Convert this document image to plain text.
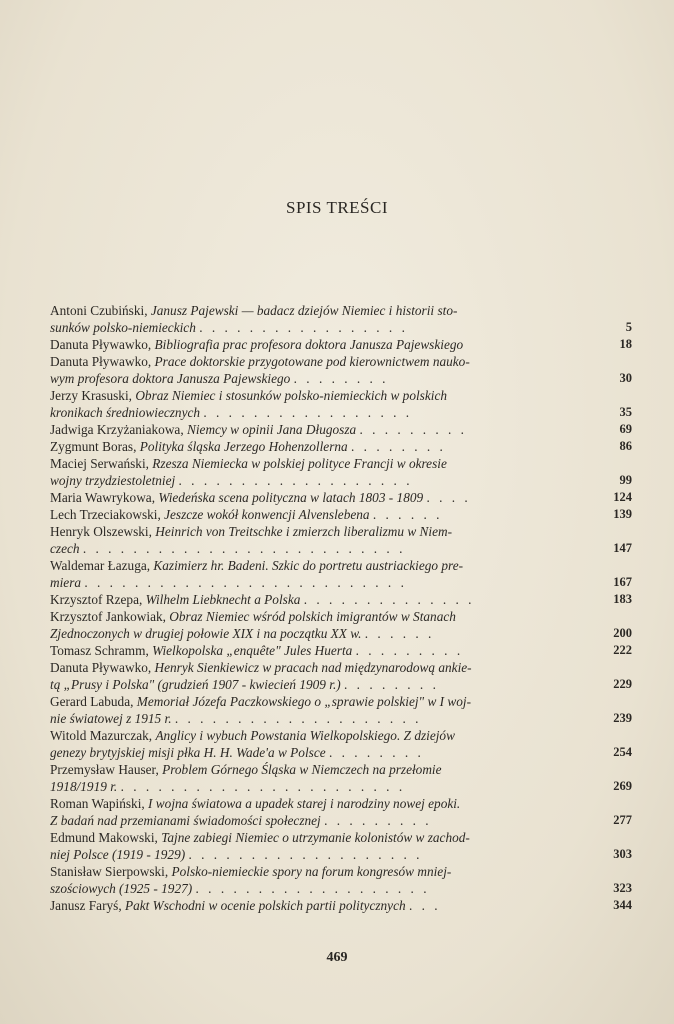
SPIS TREŚCI
Antoni Czubiński, Janusz Pajewski — badacz dziejów Niemiec i historii sto-
sunków polsko-niemieckich . . . . . . . . . . . . . . . . .	5
Danuta Pływawko, Bibliografia prac profesora doktora Janusza Pajewskiego	18
Danuta Pływawko, Prace doktorskie przygotowane pod kierownictwem nauko-
wym profesora doktora Janusza Pajewskiego . . . . . . . .	30
Jerzy Krasuski, Obraz Niemiec i stosunków polsko-niemieckich w polskich
kronikach średniowiecznych . . . . . . . . . . . . . . . . .	35
Jadwiga Krzyżaniakowa, Niemcy w opinii Jana Długosza . . . . . . . . .	69
Zygmunt Boras, Polityka śląska Jerzego Hohenzollerna . . . . . . . .	86
Maciej Serwański, Rzesza Niemiecka w polskiej polityce Francji w okresie
wojny trzydziestoletniej . . . . . . . . . . . . . . . . . . .	99
Maria Wawrykowa, Wiedeńska scena polityczna w latach 1803 - 1809 . . . .	124
Lech Trzeciakowski, Jeszcze wokół konwencji Alvenslebena . . . . . .	139
Henryk Olszewski, Heinrich von Treitschke i zmierzch liberalizmu w Niem-
czech . . . . . . . . . . . . . . . . . . . . . . . . . .	147
Waldemar Łazuga, Kazimierz hr. Badeni. Szkic do portretu austriackiego pre-
miera . . . . . . . . . . . . . . . . . . . . . . . . . .	167
Krzysztof Rzepa, Wilhelm Liebknecht a Polska . . . . . . . . . . . . . .	183
Krzysztof Jankowiak, Obraz Niemiec wśród polskich imigrantów w Stanach
Zjednoczonych w drugiej połowie XIX i na początku XX w. . . . . . .	200
Tomasz Schramm, Wielkopolska „enquête" Jules Huerta . . . . . . . . .	222
Danuta Pływawko, Henryk Sienkiewicz w pracach nad międzynarodową ankie-
tą „Prusy i Polska" (grudzień 1907 - kwiecień 1909 r.) . . . . . . . .	229
Gerard Labuda, Memoriał Józefa Paczkowskiego o „sprawie polskiej" w I woj-
nie światowej z 1915 r. . . . . . . . . . . . . . . . . . . . .	239
Witold Mazurczak, Anglicy i wybuch Powstania Wielkopolskiego. Z dziejów
genezy brytyjskiej misji płka H. H. Wade'a w Polsce . . . . . . . .	254
Przemysław Hauser, Problem Górnego Śląska w Niemczech na przełomie
1918/1919 r. . . . . . . . . . . . . . . . . . . . . . . .	269
Roman Wapiński, I wojna światowa a upadek starej i narodziny nowej epoki.
Z badań nad przemianami świadomości społecznej . . . . . . . . .	277
Edmund Makowski, Tajne zabiegi Niemiec o utrzymanie kolonistów w zachod-
niej Polsce (1919 - 1929) . . . . . . . . . . . . . . . . . . .	303
Stanisław Sierpowski, Polsko-niemieckie spory na forum kongresów mniej-
szościowych (1925 - 1927) . . . . . . . . . . . . . . . . . . .	323
Janusz Faryś, Pakt Wschodni w ocenie polskich partii politycznych . . .	344
469
